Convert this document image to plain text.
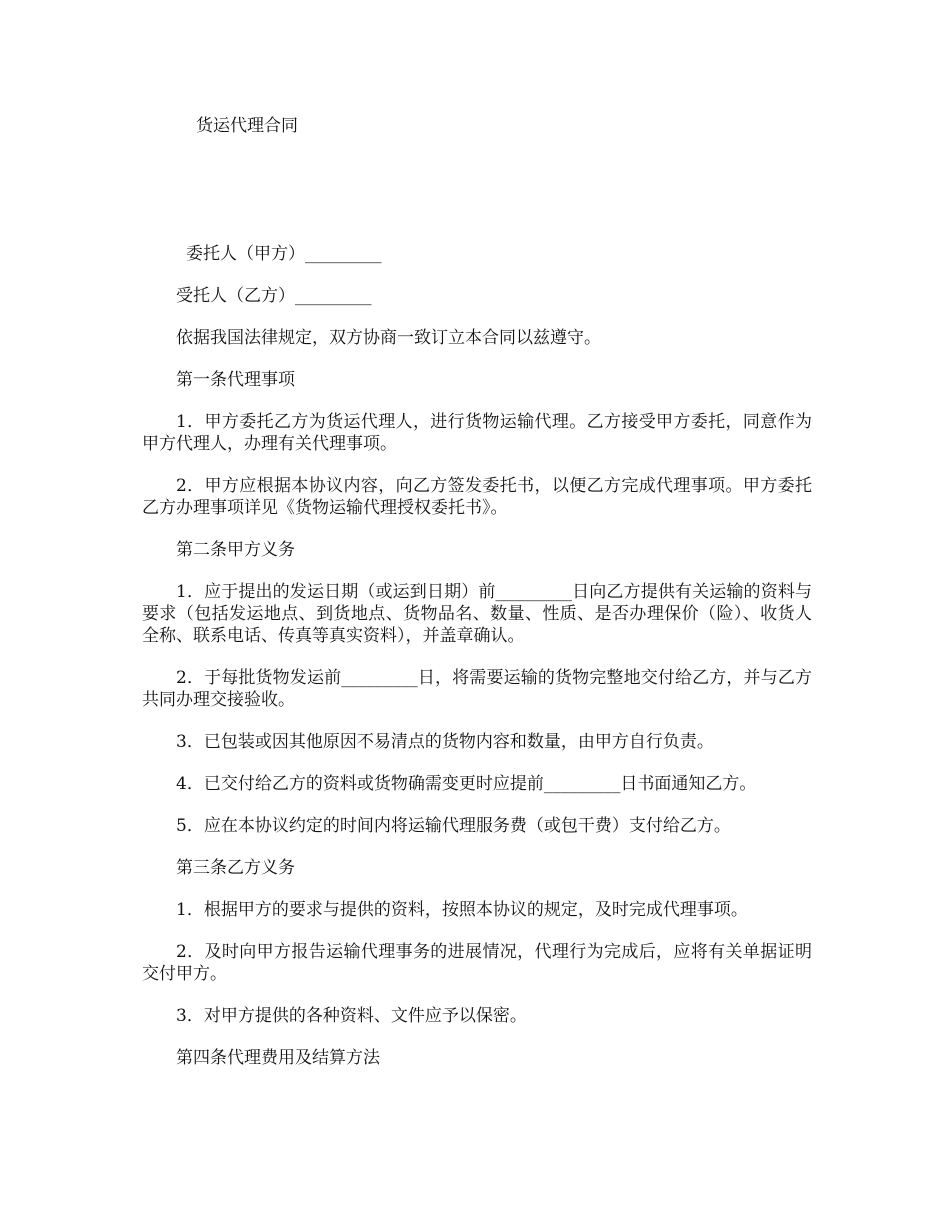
货运代理合同
委托人（甲方）_________
受托人（乙方）_________
依据我国法律规定，双方协商一致订立本合同以兹遵守。
第一条代理事项
1．甲方委托乙方为货运代理人，进行货物运输代理。乙方接受甲方委托，同意作为甲方代理人，办理有关代理事项。
2．甲方应根据本协议内容，向乙方签发委托书，以便乙方完成代理事项。甲方委托乙方办理事项详见《货物运输代理授权委托书》。
第二条甲方义务
1．应于提出的发运日期（或运到日期）前_________日向乙方提供有关运输的资料与要求（包括发运地点、到货地点、货物品名、数量、性质、是否办理保价（险）、收货人全称、联系电话、传真等真实资料），并盖章确认。
2．于每批货物发运前_________日，将需要运输的货物完整地交付给乙方，并与乙方共同办理交接验收。
3．已包装或因其他原因不易清点的货物内容和数量，由甲方自行负责。
4．已交付给乙方的资料或货物确需变更时应提前_________日书面通知乙方。
5．应在本协议约定的时间内将运输代理服务费（或包干费）支付给乙方。
第三条乙方义务
1．根据甲方的要求与提供的资料，按照本协议的规定，及时完成代理事项。
2．及时向甲方报告运输代理事务的进展情况，代理行为完成后，应将有关单据证明交付甲方。
3．对甲方提供的各种资料、文件应予以保密。
第四条代理费用及结算方法
